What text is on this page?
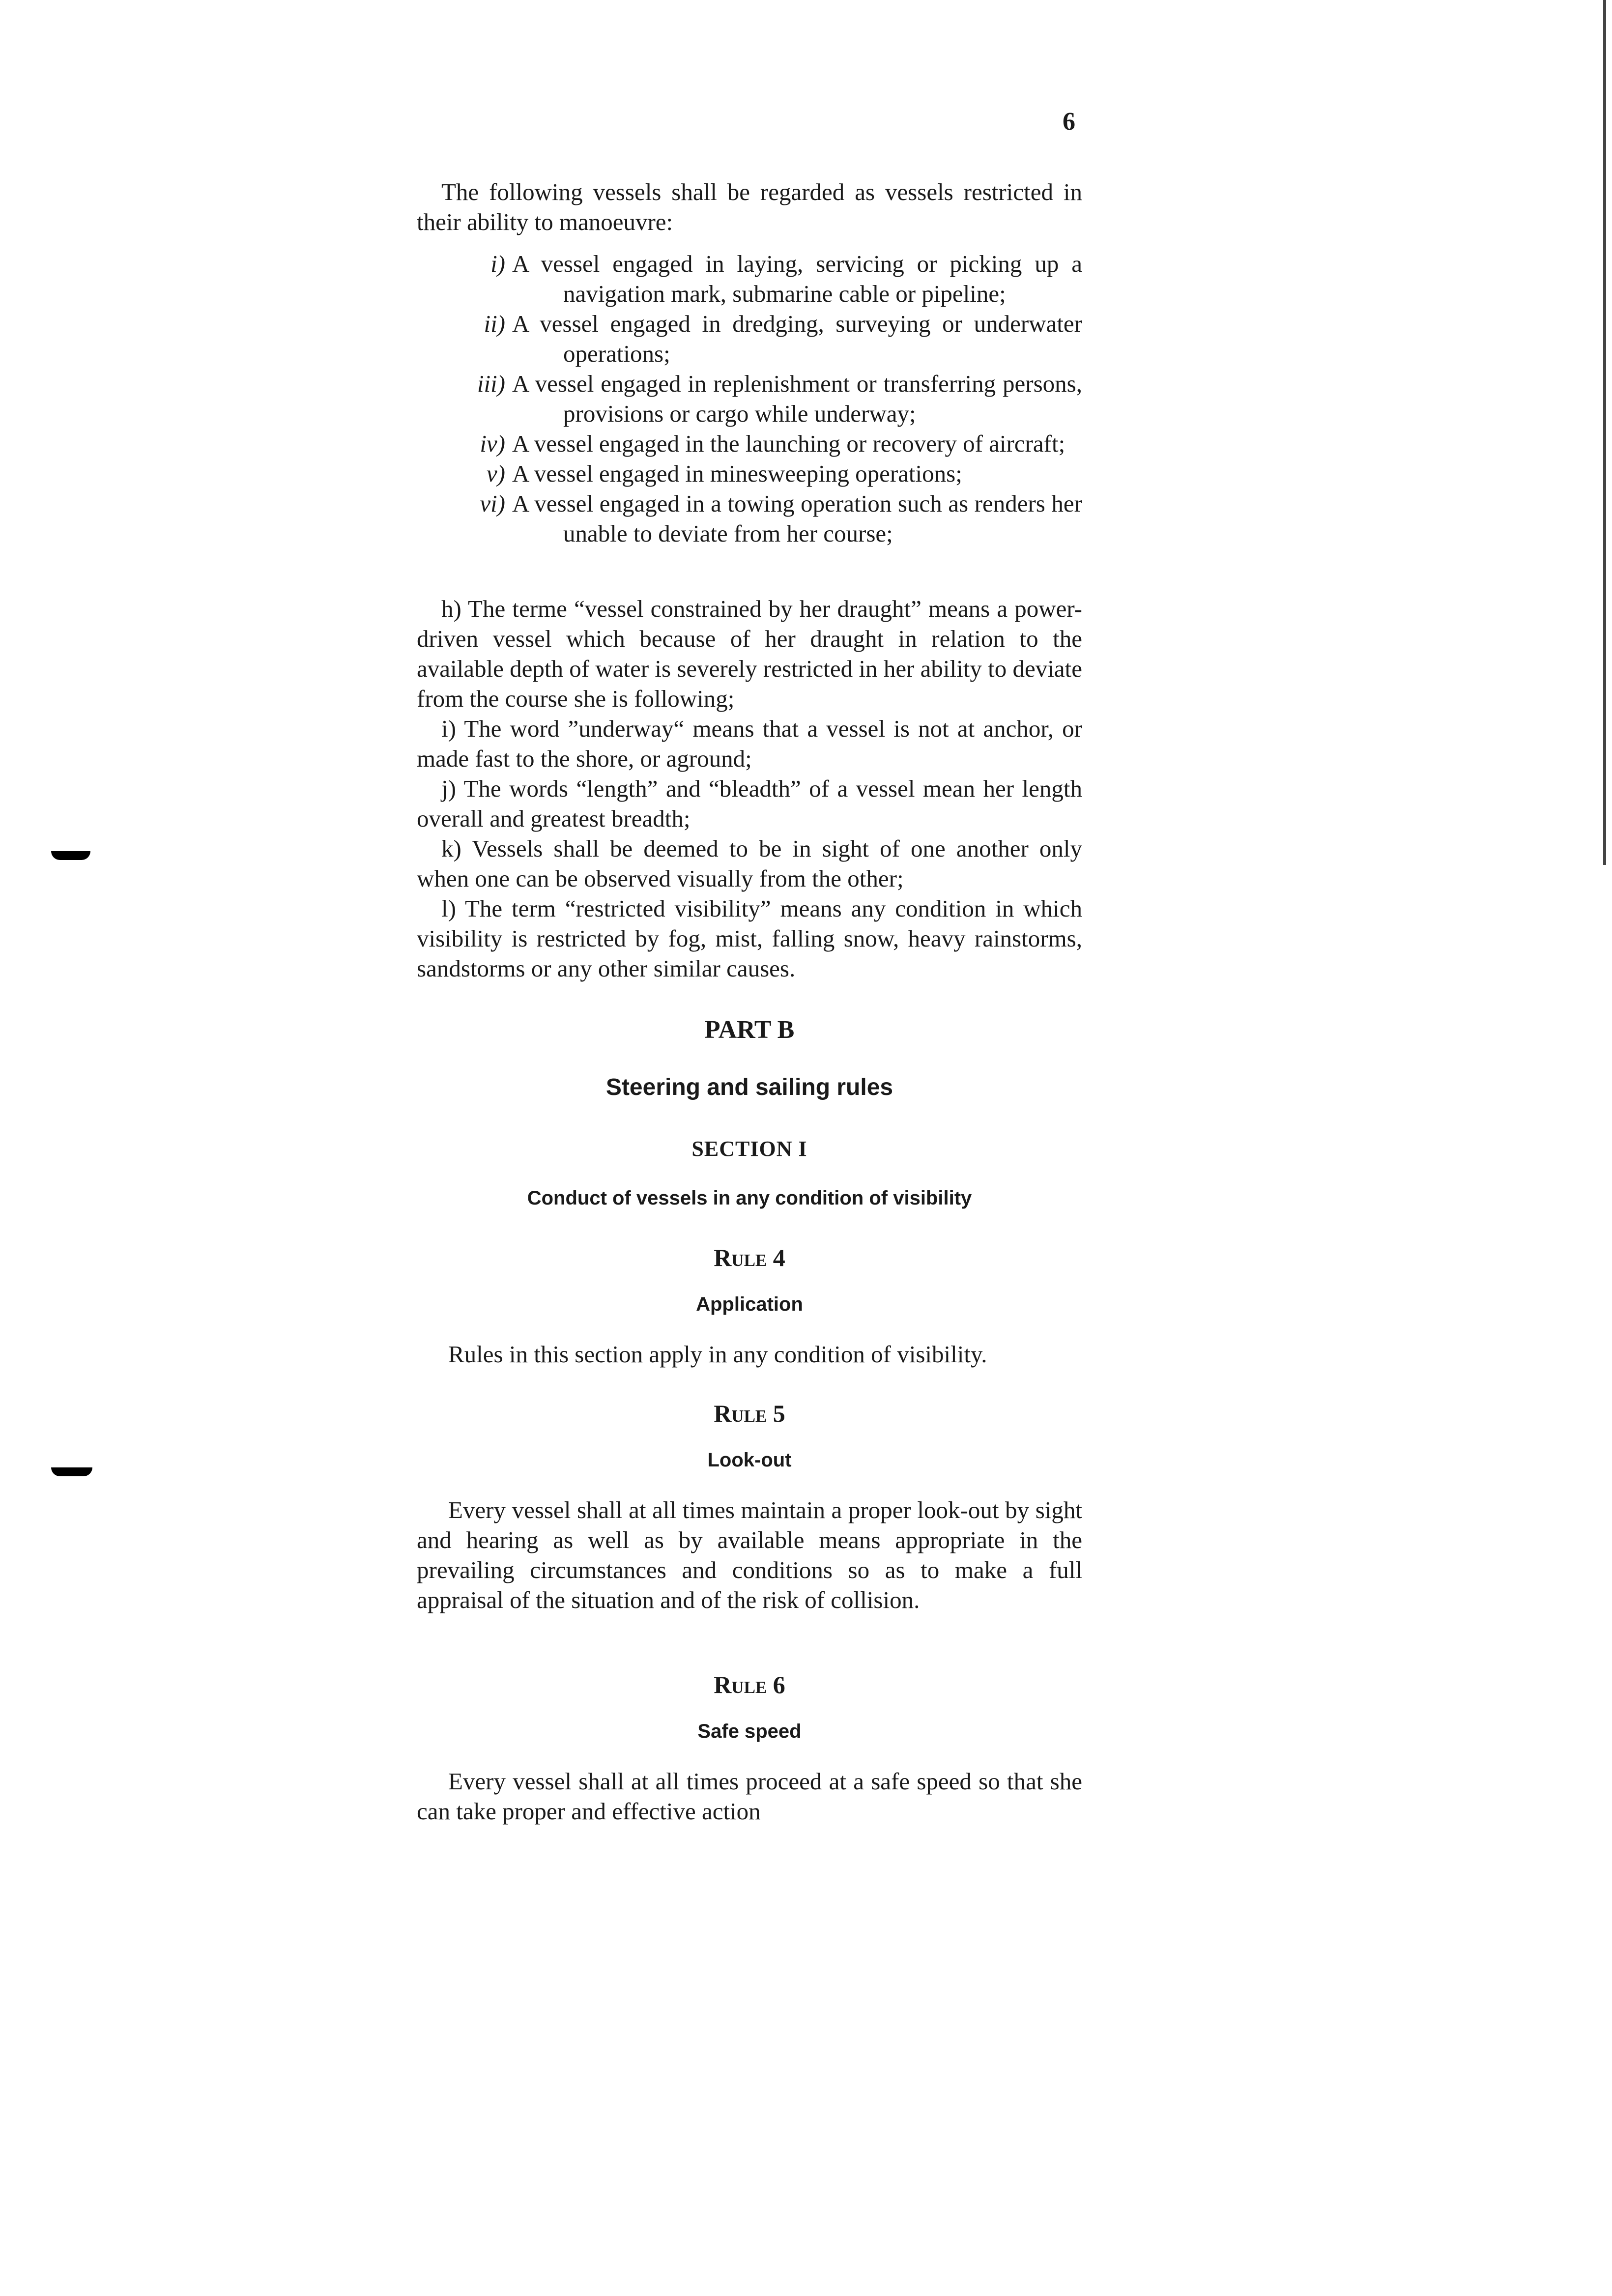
6

The following vessels shall be regarded as vessels restricted in their ability to manoeuvre:

i) A vessel engaged in laying, servicing or picking up a navigation mark, submarine cable or pipeline;
ii) A vessel engaged in dredging, surveying or underwater operations;
iii) A vessel engaged in replenishment or transferring persons, provisions or cargo while underway;
iv) A vessel engaged in the launching or recovery of aircraft;
v) A vessel engaged in minesweeping operations;
vi) A vessel engaged in a towing operation such as renders her unable to deviate from her course;

h) The terme “vessel constrained by her draught” means a power-driven vessel which because of her draught in relation to the available depth of water is severely restricted in her ability to deviate from the course she is following;

i) The word ”underway“ means that a vessel is not at anchor, or made fast to the shore, or aground;

j) The words “length” and “bleadth” of a vessel mean her length overall and greatest breadth;

k) Vessels shall be deemed to be in sight of one another only when one can be observed visually from the other;

l) The term “restricted visibility” means any condition in which visibility is restricted by fog, mist, falling snow, heavy rainstorms, sandstorms or any other similar causes.

PART B
Steering and sailing rules
SECTION I
Conduct of vessels in any condition of visibility
Rule 4
Application

Rules in this section apply in any condition of visibility.

Rule 5
Look-out

Every vessel shall at all times maintain a proper look-out by sight and hearing as well as by available means appropriate in the prevailing circumstances and conditions so as to make a full appraisal of the situation and of the risk of collision.

Rule 6
Safe speed

Every vessel shall at all times proceed at a safe speed so that she can take proper and effective action
